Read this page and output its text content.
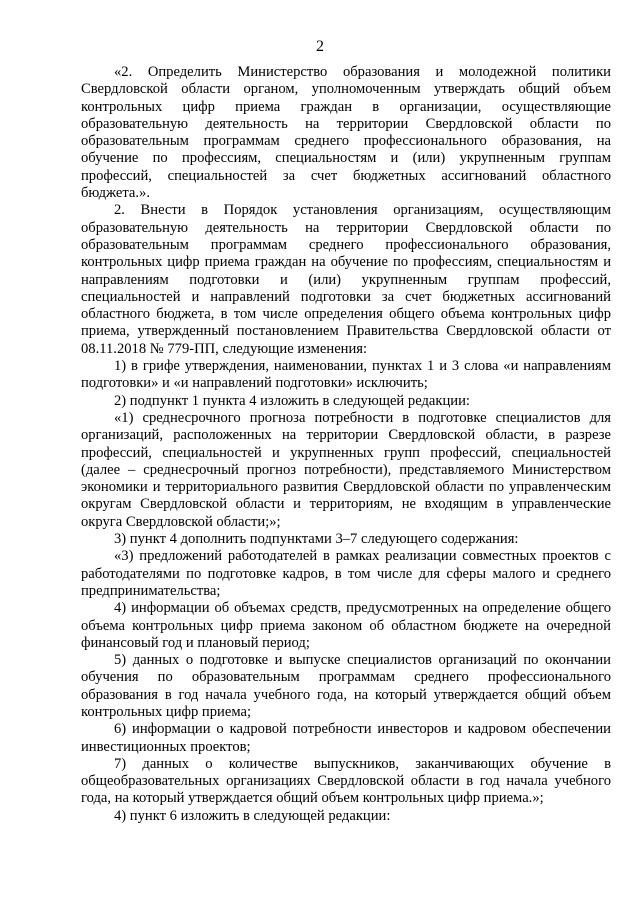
2

«2. Определить Министерство образования и молодежной политики Свердловской области органом, уполномоченным утверждать общий объем контрольных цифр приема граждан в организации, осуществляющие образовательную деятельность на территории Свердловской области по образовательным программам среднего профессионального образования, на обучение по профессиям, специальностям и (или) укрупненным группам профессий, специальностей за счет бюджетных ассигнований областного бюджета.».

2. Внести в Порядок установления организациям, осуществляющим образовательную деятельность на территории Свердловской области по образовательным программам среднего профессионального образования, контрольных цифр приема граждан на обучение по профессиям, специальностям и направлениям подготовки и (или) укрупненным группам профессий, специальностей и направлений подготовки за счет бюджетных ассигнований областного бюджета, в том числе определения общего объема контрольных цифр приема, утвержденный постановлением Правительства Свердловской области от 08.11.2018 № 779-ПП, следующие изменения:

1) в грифе утверждения, наименовании, пунктах 1 и 3 слова «и направлениям подготовки» и «и направлений подготовки» исключить;

2) подпункт 1 пункта 4 изложить в следующей редакции:

«1) среднесрочного прогноза потребности в подготовке специалистов для организаций, расположенных на территории Свердловской области, в разрезе профессий, специальностей и укрупненных групп профессий, специальностей (далее – среднесрочный прогноз потребности), представляемого Министерством экономики и территориального развития Свердловской области по управленческим округам Свердловской области и территориям, не входящим в управленческие округа Свердловской области;»;

3) пункт 4 дополнить подпунктами 3–7 следующего содержания:

«3) предложений работодателей в рамках реализации совместных проектов с работодателями по подготовке кадров, в том числе для сферы малого и среднего предпринимательства;

4) информации об объемах средств, предусмотренных на определение общего объема контрольных цифр приема законом об областном бюджете на очередной финансовый год и плановый период;

5) данных о подготовке и выпуске специалистов организаций по окончании обучения по образовательным программам среднего профессионального образования в год начала учебного года, на который утверждается общий объем контрольных цифр приема;

6) информации о кадровой потребности инвесторов и кадровом обеспечении инвестиционных проектов;

7) данных о количестве выпускников, заканчивающих обучение в общеобразовательных организациях Свердловской области в год начала учебного года, на который утверждается общий объем контрольных цифр приема.»;

4) пункт 6 изложить в следующей редакции:
